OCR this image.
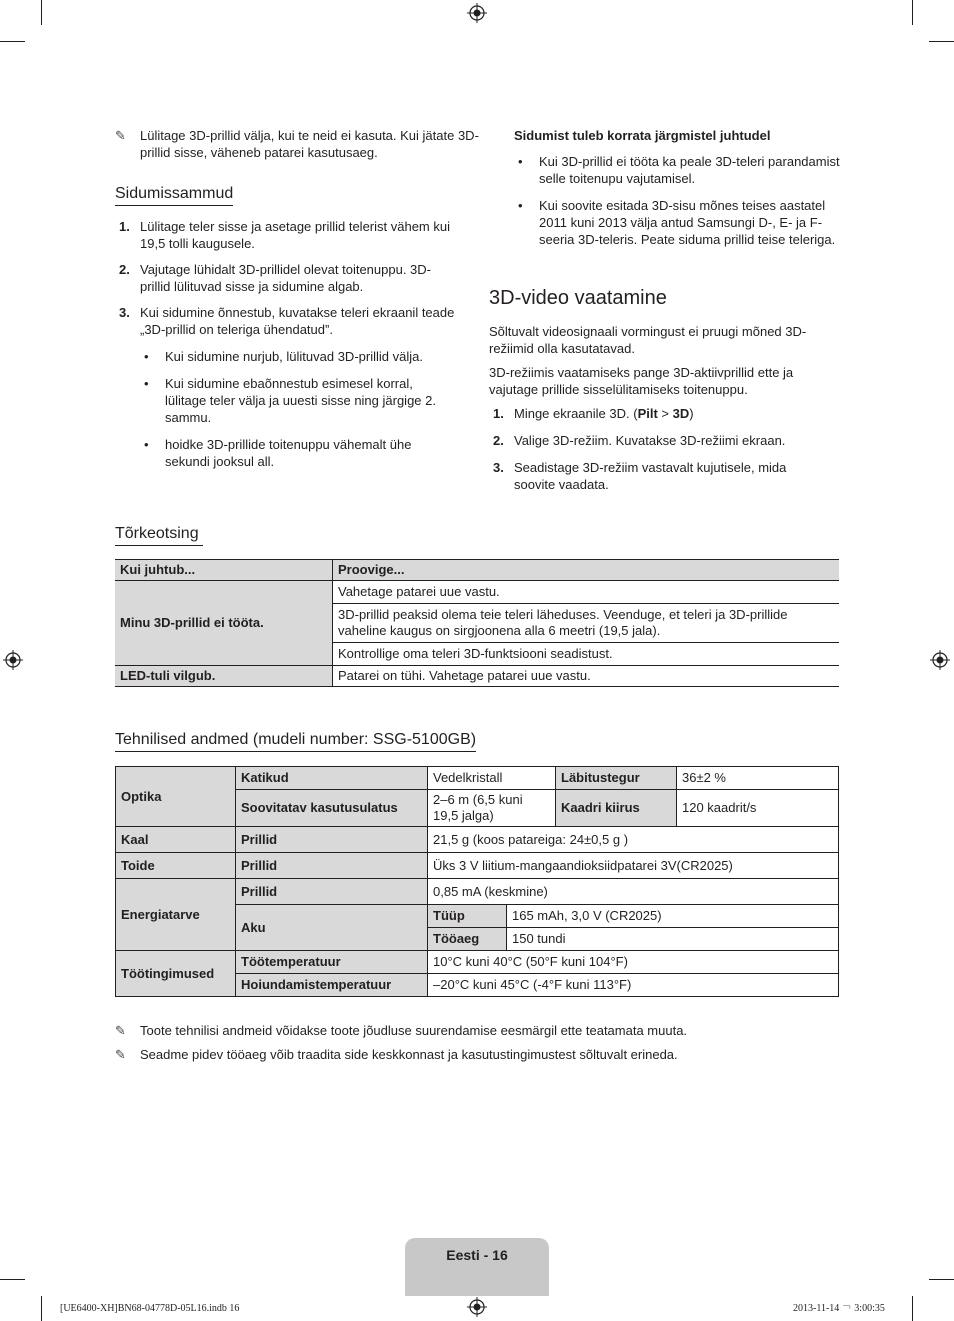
✎ Lülitage 3D-prillid välja, kui te neid ei kasuta. Kui jätate 3D-prillid sisse, väheneb patarei kasutusaeg.
Sidumissammud
1. Lülitage teler sisse ja asetage prillid telerist vähem kui 19,5 tolli kaugusele.
2. Vajutage lühidalt 3D-prillidel olevat toitenuppu. 3D-prillid lülituvad sisse ja sidumine algab.
3. Kui sidumine õnnestub, kuvatakse teleri ekraanil teade „3D-prillid on teleriga ühendatud”.
• Kui sidumine nurjub, lülituvad 3D-prillid välja.
• Kui sidumine ebaõnnestub esimesel korral, lülitage teler välja ja uuesti sisse ning järgige 2. sammu.
• hoidke 3D-prillide toitenuppu vähemalt ühe sekundi jooksul all.
Sidumist tuleb korrata järgmistel juhtudel
• Kui 3D-prillid ei tööta ka peale 3D-teleri parandamist selle toitenupu vajutamisel.
• Kui soovite esitada 3D-sisu mõnes teises aastatel 2011 kuni 2013 välja antud Samsungi D-, E- ja F-seeria 3D-teleris. Peate siduma prillid teise teleriga.
3D-video vaatamine

Sõltuvalt videosignaali vormingust ei pruugi mõned 3D-režiimid olla kasutatavad.

3D-režiimis vaatamiseks pange 3D-aktiivprillid ette ja vajutage prillide sisselülitamiseks toitenuppu.

1. Minge ekraanile 3D. (Pilt > 3D)
2. Valige 3D-režiim. Kuvatakse 3D-režiimi ekraan.
3. Seadistage 3D-režiim vastavalt kujutisele, mida soovite vaadata.
Tõrkeotsing
Kui juhtub...	Proovige...
Minu 3D-prillid ei tööta.	Vahetage patarei uue vastu.
	3D-prillid peaksid olema teie teleri läheduses. Veenduge, et teleri ja 3D-prillide vaheline kaugus on sirgjoonena alla 6 meetri (19,5 jala).
	Kontrollige oma teleri 3D-funktsiooni seadistust.
LED-tuli vilgub.	Patarei on tühi. Vahetage patarei uue vastu.
Tehnilised andmed (mudeli number: SSG-5100GB)
Optika	Katikud	Vedelkristall		Läbitustegur	36±2 %
	Soovitatav kasutusulatus	2–6 m (6,5 kuni 19,5 jalga)		Kaadri kiirus	120 kaadrit/s
Kaal	Prillid	21,5 g (koos patareiga: 24±0,5 g )			
Toide	Prillid	Üks 3 V liitium-mangaandioksiidpatarei 3V(CR2025)			
Energiatarve	Prillid	0,85 mA (keskmine)			
	Aku	Tüüp	165 mAh, 3,0 V (CR2025)		
		Tööaeg	150 tundi		
Töötingimused	Töötemperatuur	10°C kuni 40°C (50°F kuni 104°F)			
	Hoiundamistemperatuur	–20°C kuni 45°C (-4°F kuni 113°F)			
✎ Toote tehnilisi andmeid võidakse toote jõudluse suurendamise eesmärgil ette teatamata muuta.
✎ Seadme pidev tööaeg võib traadita side keskkonnast ja kasutustingimustest sõltuvalt erineda.
Eesti - 16
[UE6400-XH]BN68-04778D-05L16.indb 16	2013-11-14 ￢ 3:00:35
